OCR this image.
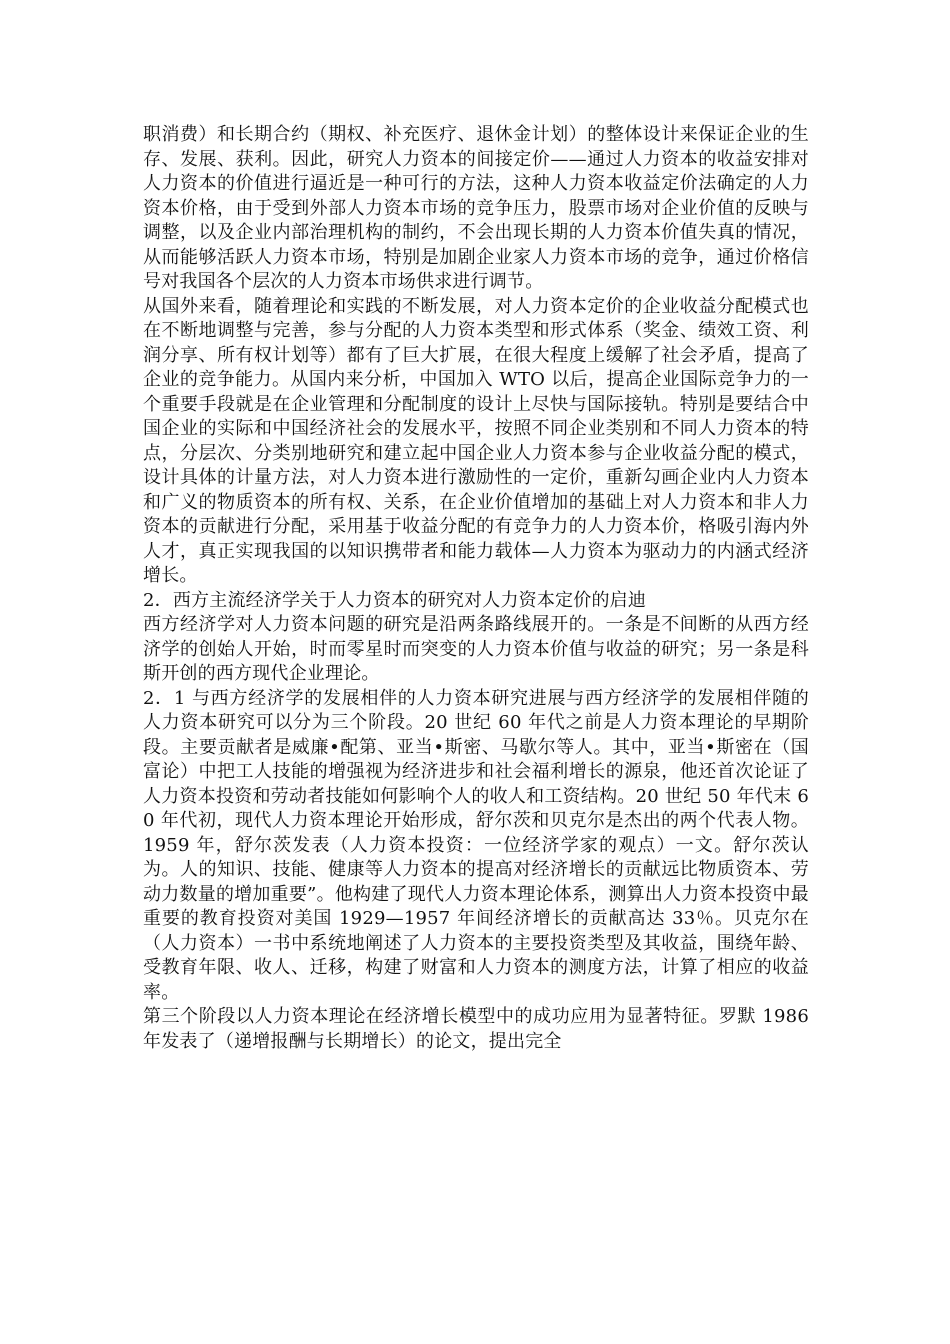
职消费）和长期合约（期权、补充医疗、退休金计划）的整体设计来保证企业的生存、发展、获利。因此，研究人力资本的间接定价——通过人力资本的收益安排对人力资本的价值进行逼近是一种可行的方法，这种人力资本收益定价法确定的人力资本价格，由于受到外部人力资本市场的竞争压力，股票市场对企业价值的反映与调整，以及企业内部治理机构的制约，不会出现长期的人力资本价值失真的情况，从而能够活跃人力资本市场，特别是加剧企业家人力资本市场的竞争，通过价格信号对我国各个层次的人力资本市场供求进行调节。

从国外来看，随着理论和实践的不断发展，对人力资本定价的企业收益分配模式也在不断地调整与完善，参与分配的人力资本类型和形式体系（奖金、绩效工资、利润分享、所有权计划等）都有了巨大扩展，在很大程度上缓解了社会矛盾，提高了企业的竞争能力。从国内来分析，中国加入 WTO 以后，提高企业国际竞争力的一个重要手段就是在企业管理和分配制度的设计上尽快与国际接轨。特别是要结合中国企业的实际和中国经济社会的发展水平，按照不同企业类别和不同人力资本的特点，分层次、分类别地研究和建立起中国企业人力资本参与企业收益分配的模式，设计具体的计量方法，对人力资本进行激励性的一定价，重新勾画企业内人力资本和广义的物质资本的所有权、关系，在企业价值增加的基础上对人力资本和非人力资本的贡献进行分配，采用基于收益分配的有竞争力的人力资本价，格吸引海内外人才，真正实现我国的以知识携带者和能力载体—人力资本为驱动力的内涵式经济增长。

2．西方主流经济学关于人力资本的研究对人力资本定价的启迪

西方经济学对人力资本问题的研究是沿两条路线展开的。一条是不间断的从西方经济学的创始人开始，时而零星时而突变的人力资本价值与收益的研究；另一条是科斯开创的西方现代企业理论。

2．1 与西方经济学的发展相伴的人力资本研究进展与西方经济学的发展相伴随的人力资本研究可以分为三个阶段。20 世纪 60 年代之前是人力资本理论的早期阶段。主要贡献者是威廉•配第、亚当•斯密、马歇尔等人。其中，亚当•斯密在（国富论）中把工人技能的增强视为经济进步和社会福利增长的源泉，他还首次论证了人力资本投资和劳动者技能如何影响个人的收人和工资结构。20 世纪 50 年代末 60 年代初，现代人力资本理论开始形成，舒尔茨和贝克尔是杰出的两个代表人物。1959 年，舒尔茨发表（人力资本投资：一位经济学家的观点）一文。舒尔茨认为。人的知识、技能、健康等人力资本的提高对经济增长的贡献远比物质资本、劳动力数量的增加重要”。他构建了现代人力资本理论体系，测算出人力资本投资中最重要的教育投资对美国 1929—1957 年间经济增长的贡献高达 33％。贝克尔在（人力资本）一书中系统地阐述了人力资本的主要投资类型及其收益，围绕年龄、受教育年限、收人、迁移，构建了财富和人力资本的测度方法，计算了相应的收益率。

第三个阶段以人力资本理论在经济增长模型中的成功应用为显著特征。罗默 1986 年发表了（递增报酬与长期增长）的论文，提出完全
